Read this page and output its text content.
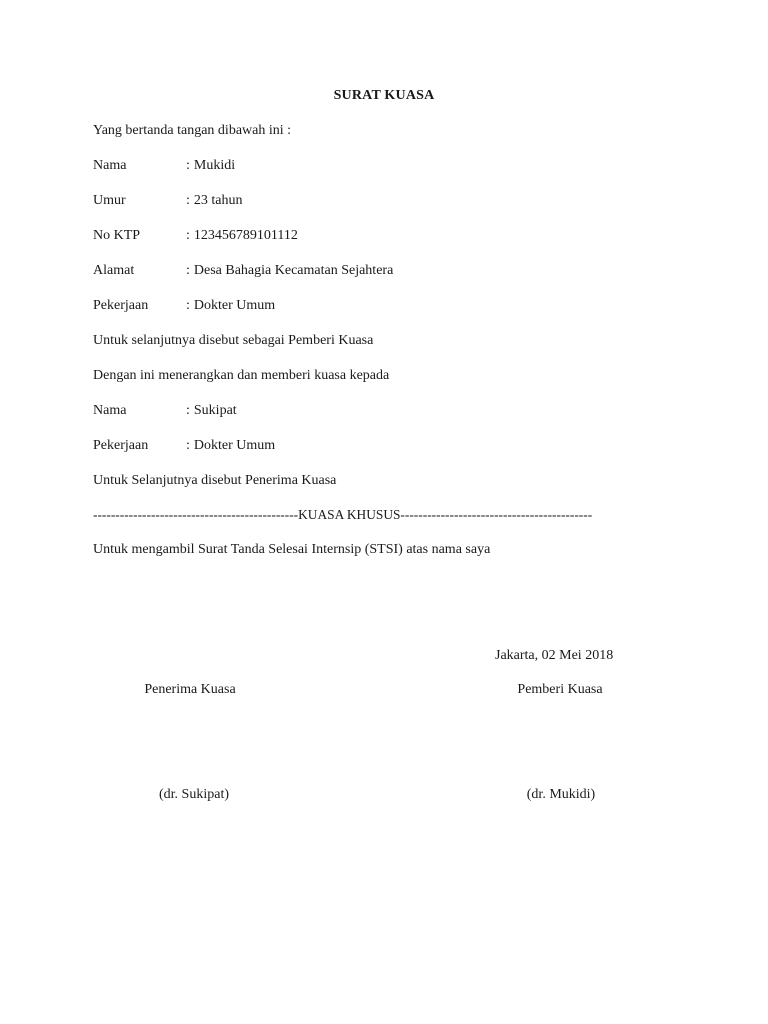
SURAT KUASA
Yang bertanda tangan dibawah ini :
Nama	: Mukidi
Umur	: 23 tahun
No KTP	: 123456789101112
Alamat	: Desa Bahagia Kecamatan Sejahtera
Pekerjaan	: Dokter Umum
Untuk selanjutnya disebut sebagai Pemberi Kuasa
Dengan ini menerangkan dan memberi kuasa kepada
Nama	: Sukipat
Pekerjaan	: Dokter Umum
Untuk Selanjutnya disebut Penerima Kuasa
----------------------------------------------KUASA KHUSUS-------------------------------------------
Untuk mengambil Surat Tanda Selesai Internsip (STSI) atas nama saya
Jakarta, 02 Mei 2018
Penerima Kuasa	Pemberi Kuasa
(dr. Sukipat)	(dr. Mukidi)
